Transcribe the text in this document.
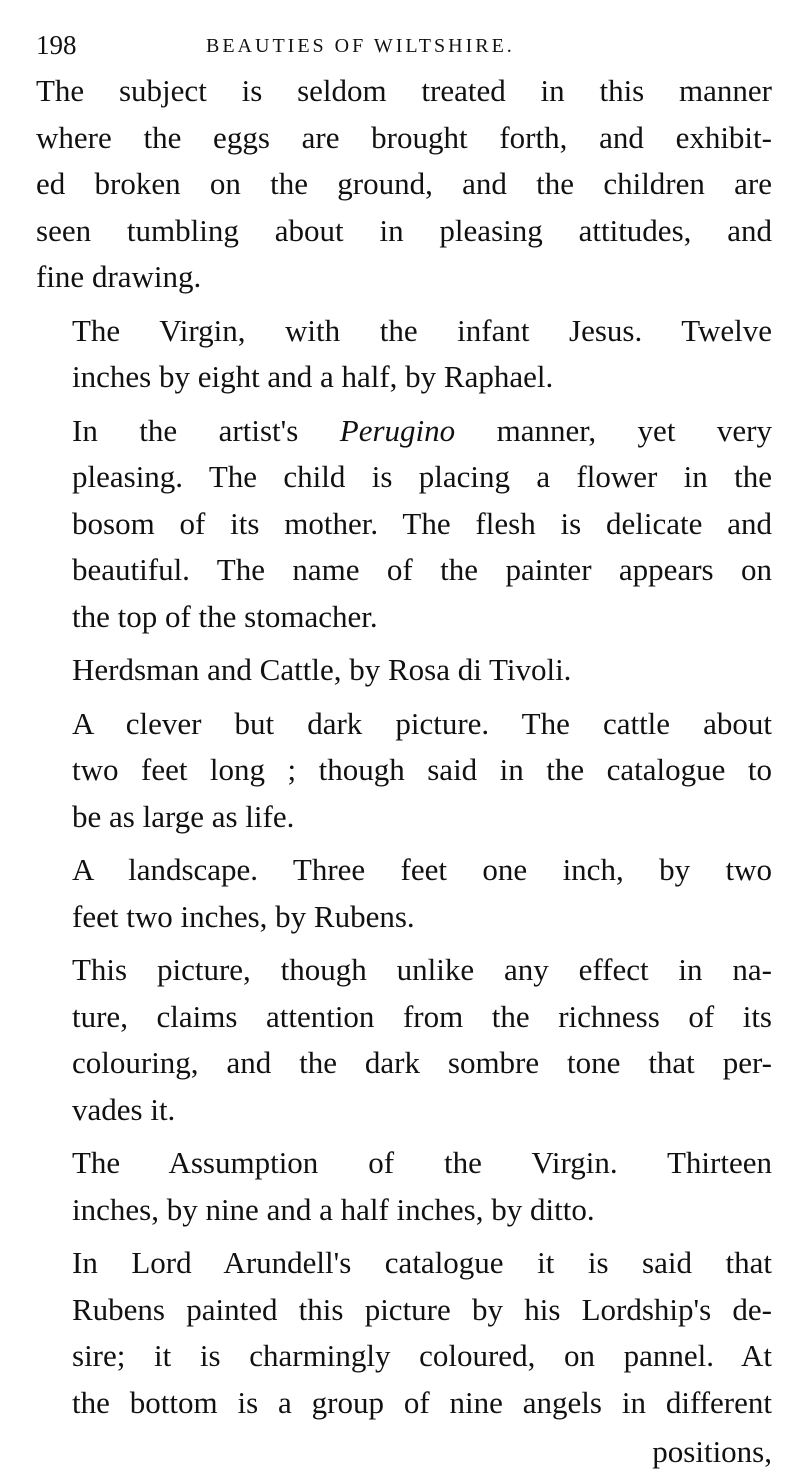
198	BEAUTIES OF WILTSHIRE.

The subject is seldom treated in this manner
where the eggs are brought forth, and exhibit-
ed broken on the ground, and the children are
seen tumbling about in pleasing attitudes, and
fine drawing.

The Virgin, with the infant Jesus. Twelve
inches by eight and a half, by Raphael.

In the artist's Perugino manner, yet very
pleasing. The child is placing a flower in the
bosom of its mother. The flesh is delicate and
beautiful. The name of the painter appears on
the top of the stomacher.

Herdsman and Cattle, by Rosa di Tivoli.

A clever but dark picture. The cattle about
two feet long ; though said in the catalogue to
be as large as life.

A landscape. Three feet one inch, by two
feet two inches, by Rubens.

This picture, though unlike any effect in na-
ture, claims attention from the richness of its
colouring, and the dark sombre tone that per-
vades it.

The Assumption of the Virgin. Thirteen
inches, by nine and a half inches, by ditto.

In Lord Arundell's catalogue it is said that
Rubens painted this picture by his Lordship's de-
sire; it is charmingly coloured, on pannel. At
the bottom is a group of nine angels in different

positions,
